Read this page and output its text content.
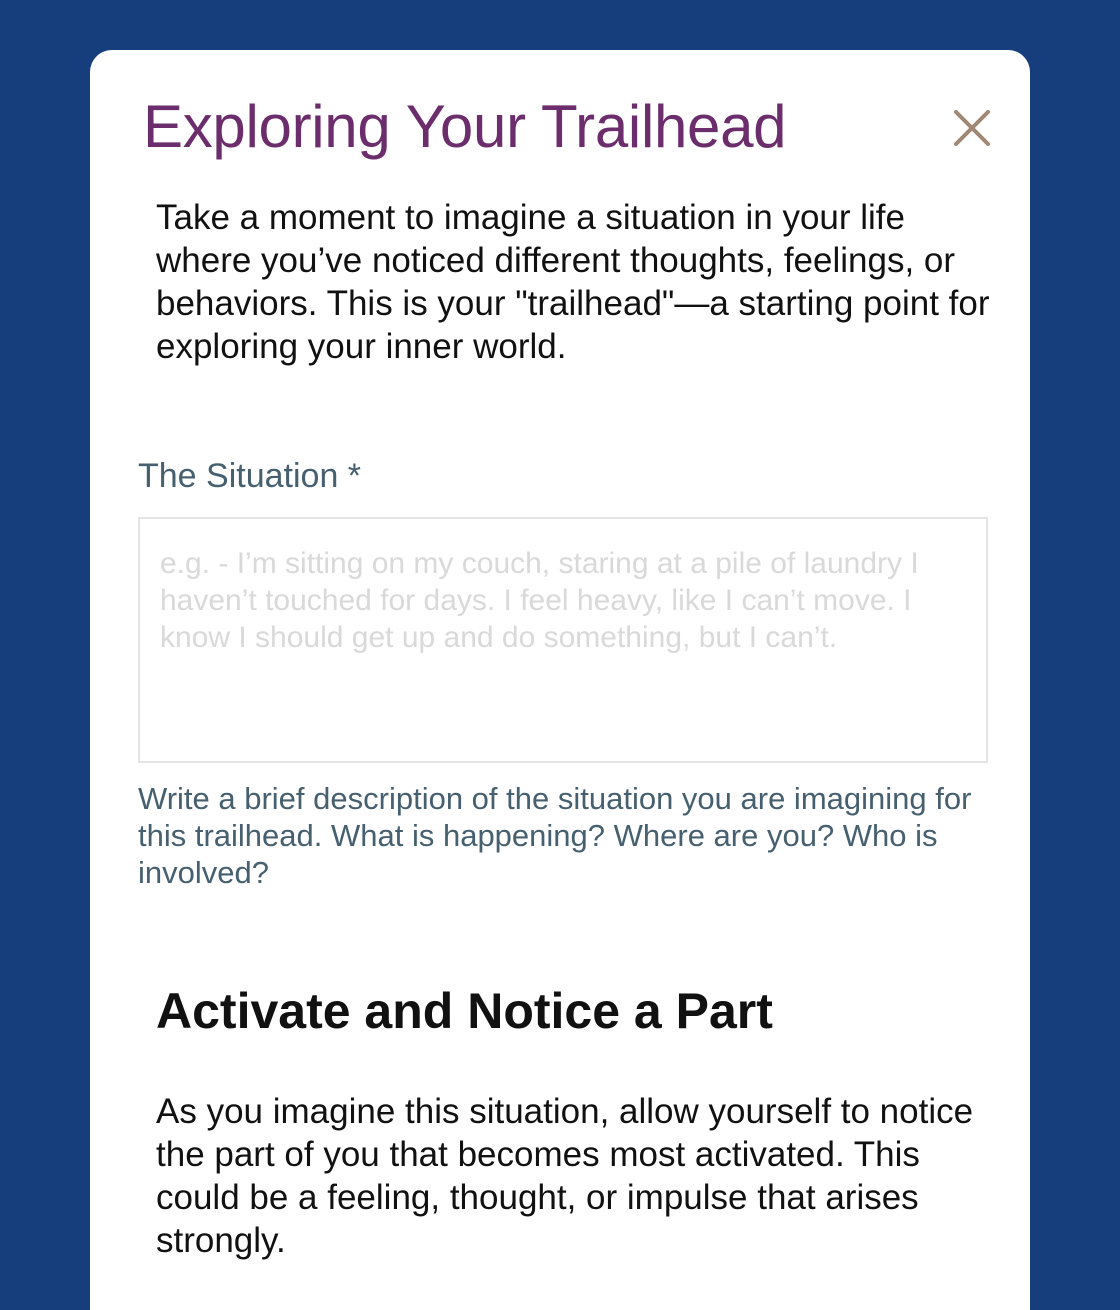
Exploring Your Trailhead

Take a moment to imagine a situation in your life where you’ve noticed different thoughts, feelings, or behaviors. This is your "trailhead"—a starting point for exploring your inner world.

The Situation *
e.g. - I’m sitting on my couch, staring at a pile of laundry I haven’t touched for days. I feel heavy, like I can’t move. I know I should get up and do something, but I can’t.

Write a brief description of the situation you are imagining for this trailhead. What is happening? Where are you? Who is involved?

Activate and Notice a Part

As you imagine this situation, allow yourself to notice the part of you that becomes most activated. This could be a feeling, thought, or impulse that arises strongly.
